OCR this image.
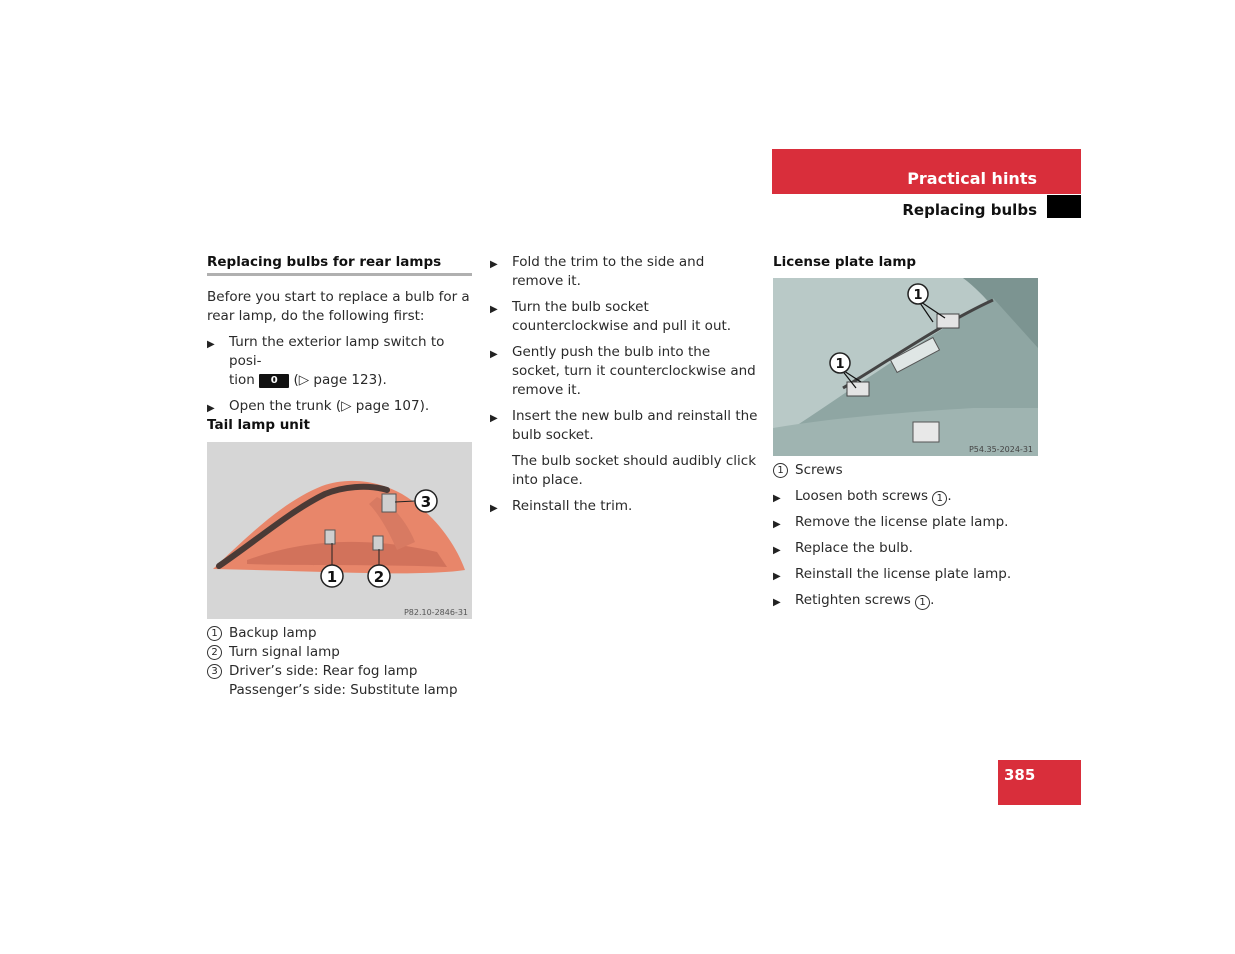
Practical hints
Replacing bulbs
Replacing bulbs for rear lamps
Before you start to replace a bulb for a rear lamp, do the following first:
▶ Turn the exterior lamp switch to posi-
tion 0 (▷ page 123).
▶ Open the trunk (▷ page 107).
Tail lamp unit
1 2
3
P82.10-2846-31
1 Backup lamp
2 Turn signal lamp
3 Driver’s side: Rear fog lamp
Passenger’s side: Substitute lamp
▶ Fold the trim to the side and remove it.
▶ Turn the bulb socket counterclockwise and pull it out.
▶ Gently push the bulb into the socket, turn it counterclockwise and remove it.
▶ Insert the new bulb and reinstall the bulb socket.
The bulb socket should audibly click into place.
▶ Reinstall the trim.
License plate lamp
1
1
P54.35-2024-31
1 Screws
▶ Loosen both screws 1 .
▶ Remove the license plate lamp.
▶ Replace the bulb.
▶ Reinstall the license plate lamp.
▶ Retighten screws 1 .
385
